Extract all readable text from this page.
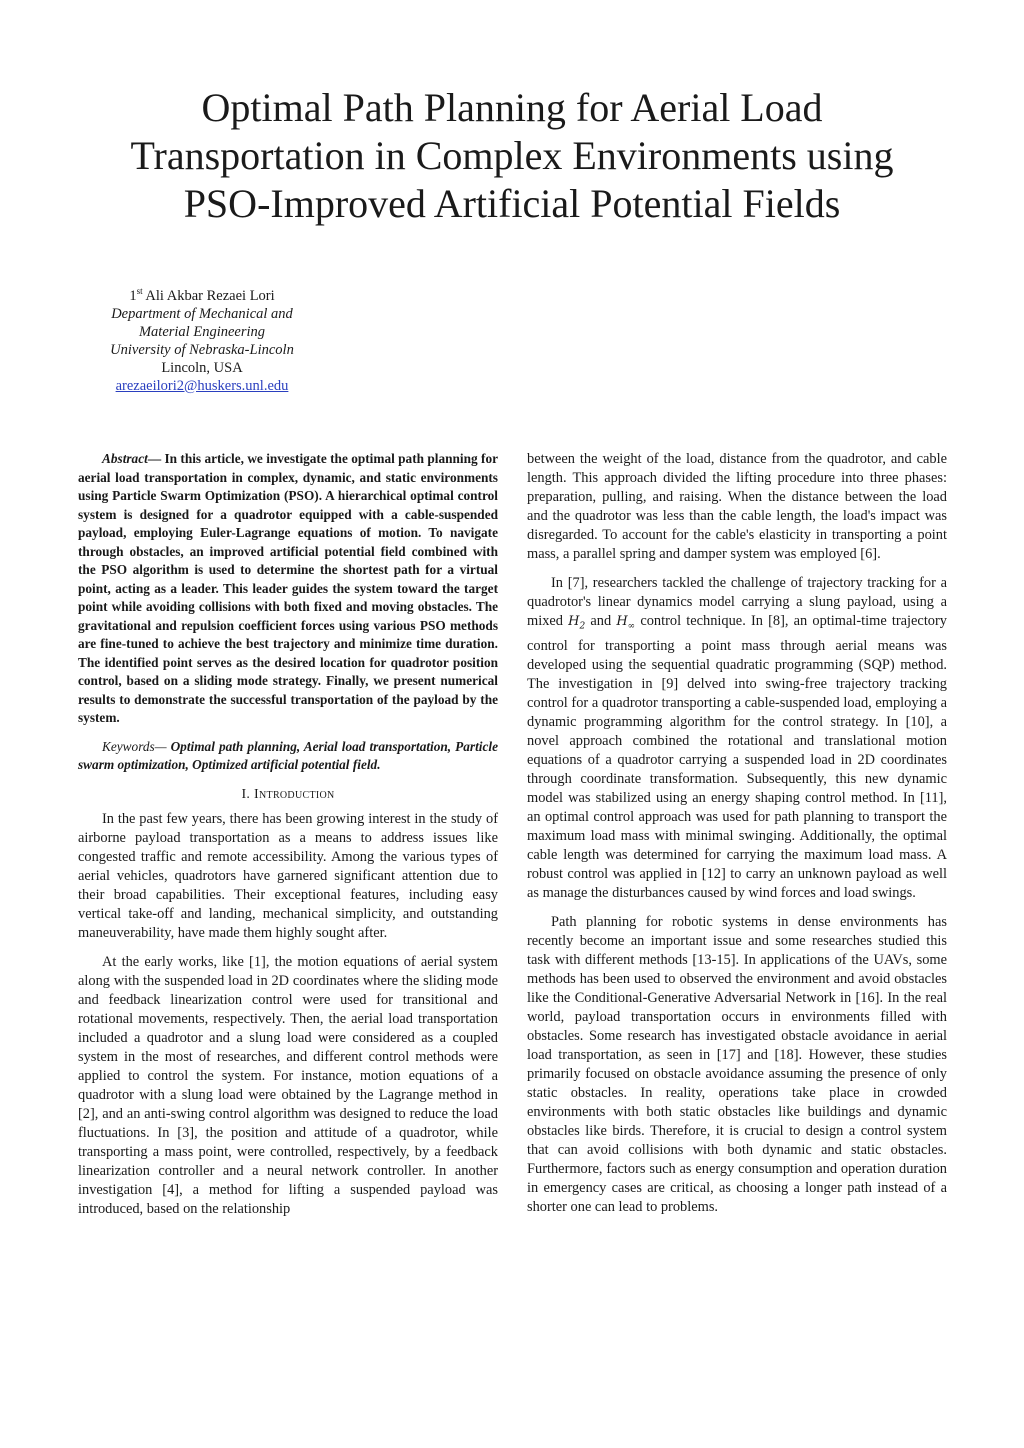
Optimal Path Planning for Aerial Load
Transportation in Complex Environments using
PSO-Improved Artificial Potential Fields
1st Ali Akbar Rezaei Lori
Department of Mechanical and
Material Engineering
University of Nebraska-Lincoln
Lincoln, USA
arezaeilori2@huskers.unl.edu

Abstract— In this article, we investigate the optimal path planning for aerial load transportation in complex, dynamic, and static environments using Particle Swarm Optimization (PSO). A hierarchical optimal control system is designed for a quadrotor equipped with a cable-suspended payload, employing Euler-Lagrange equations of motion. To navigate through obstacles, an improved artificial potential field combined with the PSO algorithm is used to determine the shortest path for a virtual point, acting as a leader. This leader guides the system toward the target point while avoiding collisions with both fixed and moving obstacles. The gravitational and repulsion coefficient forces using various PSO methods are fine-tuned to achieve the best trajectory and minimize time duration. The identified point serves as the desired location for quadrotor position control, based on a sliding mode strategy. Finally, we present numerical results to demonstrate the successful transportation of the payload by the system.

Keywords— Optimal path planning, Aerial load transportation, Particle swarm optimization, Optimized artificial potential field.

I. Introduction

In the past few years, there has been growing interest in the study of airborne payload transportation as a means to address issues like congested traffic and remote accessibility. Among the various types of aerial vehicles, quadrotors have garnered significant attention due to their broad capabilities. Their exceptional features, including easy vertical take-off and landing, mechanical simplicity, and outstanding maneuverability, have made them highly sought after.

At the early works, like [1], the motion equations of aerial system along with the suspended load in 2D coordinates where the sliding mode and feedback linearization control were used for transitional and rotational movements, respectively. Then, the aerial load transportation included a quadrotor and a slung load were considered as a coupled system in the most of researches, and different control methods were applied to control the system. For instance, motion equations of a quadrotor with a slung load were obtained by the Lagrange method in [2], and an anti-swing control algorithm was designed to reduce the load fluctuations. In [3], the position and attitude of a quadrotor, while transporting a mass point, were controlled, respectively, by a feedback linearization controller and a neural network controller. In another investigation [4], a method for lifting a suspended payload was introduced, based on the relationship

between the weight of the load, distance from the quadrotor, and cable length. This approach divided the lifting procedure into three phases: preparation, pulling, and raising. When the distance between the load and the quadrotor was less than the cable length, the load's impact was disregarded. To account for the cable's elasticity in transporting a point mass, a parallel spring and damper system was employed [6].

In [7], researchers tackled the challenge of trajectory tracking for a quadrotor's linear dynamics model carrying a slung payload, using a mixed $H_2$ and $H_\infty$ control technique. In [8], an optimal-time trajectory control for transporting a point mass through aerial means was developed using the sequential quadratic programming (SQP) method. The investigation in [9] delved into swing-free trajectory tracking control for a quadrotor transporting a cable-suspended load, employing a dynamic programming algorithm for the control strategy. In [10], a novel approach combined the rotational and translational motion equations of a quadrotor carrying a suspended load in 2D coordinates through coordinate transformation. Subsequently, this new dynamic model was stabilized using an energy shaping control method. In [11], an optimal control approach was used for path planning to transport the maximum load mass with minimal swinging. Additionally, the optimal cable length was determined for carrying the maximum load mass. A robust control was applied in [12] to carry an unknown payload as well as manage the disturbances caused by wind forces and load swings.

Path planning for robotic systems in dense environments has recently become an important issue and some researches studied this task with different methods [13-15]. In applications of the UAVs, some methods has been used to observed the environment and avoid obstacles like the Conditional-Generative Adversarial Network in [16]. In the real world, payload transportation occurs in environments filled with obstacles. Some research has investigated obstacle avoidance in aerial load transportation, as seen in [17] and [18]. However, these studies primarily focused on obstacle avoidance assuming the presence of only static obstacles. In reality, operations take place in crowded environments with both static obstacles like buildings and dynamic obstacles like birds. Therefore, it is crucial to design a control system that can avoid collisions with both dynamic and static obstacles. Furthermore, factors such as energy consumption and operation duration in emergency cases are critical, as choosing a longer path instead of a shorter one can lead to problems.
